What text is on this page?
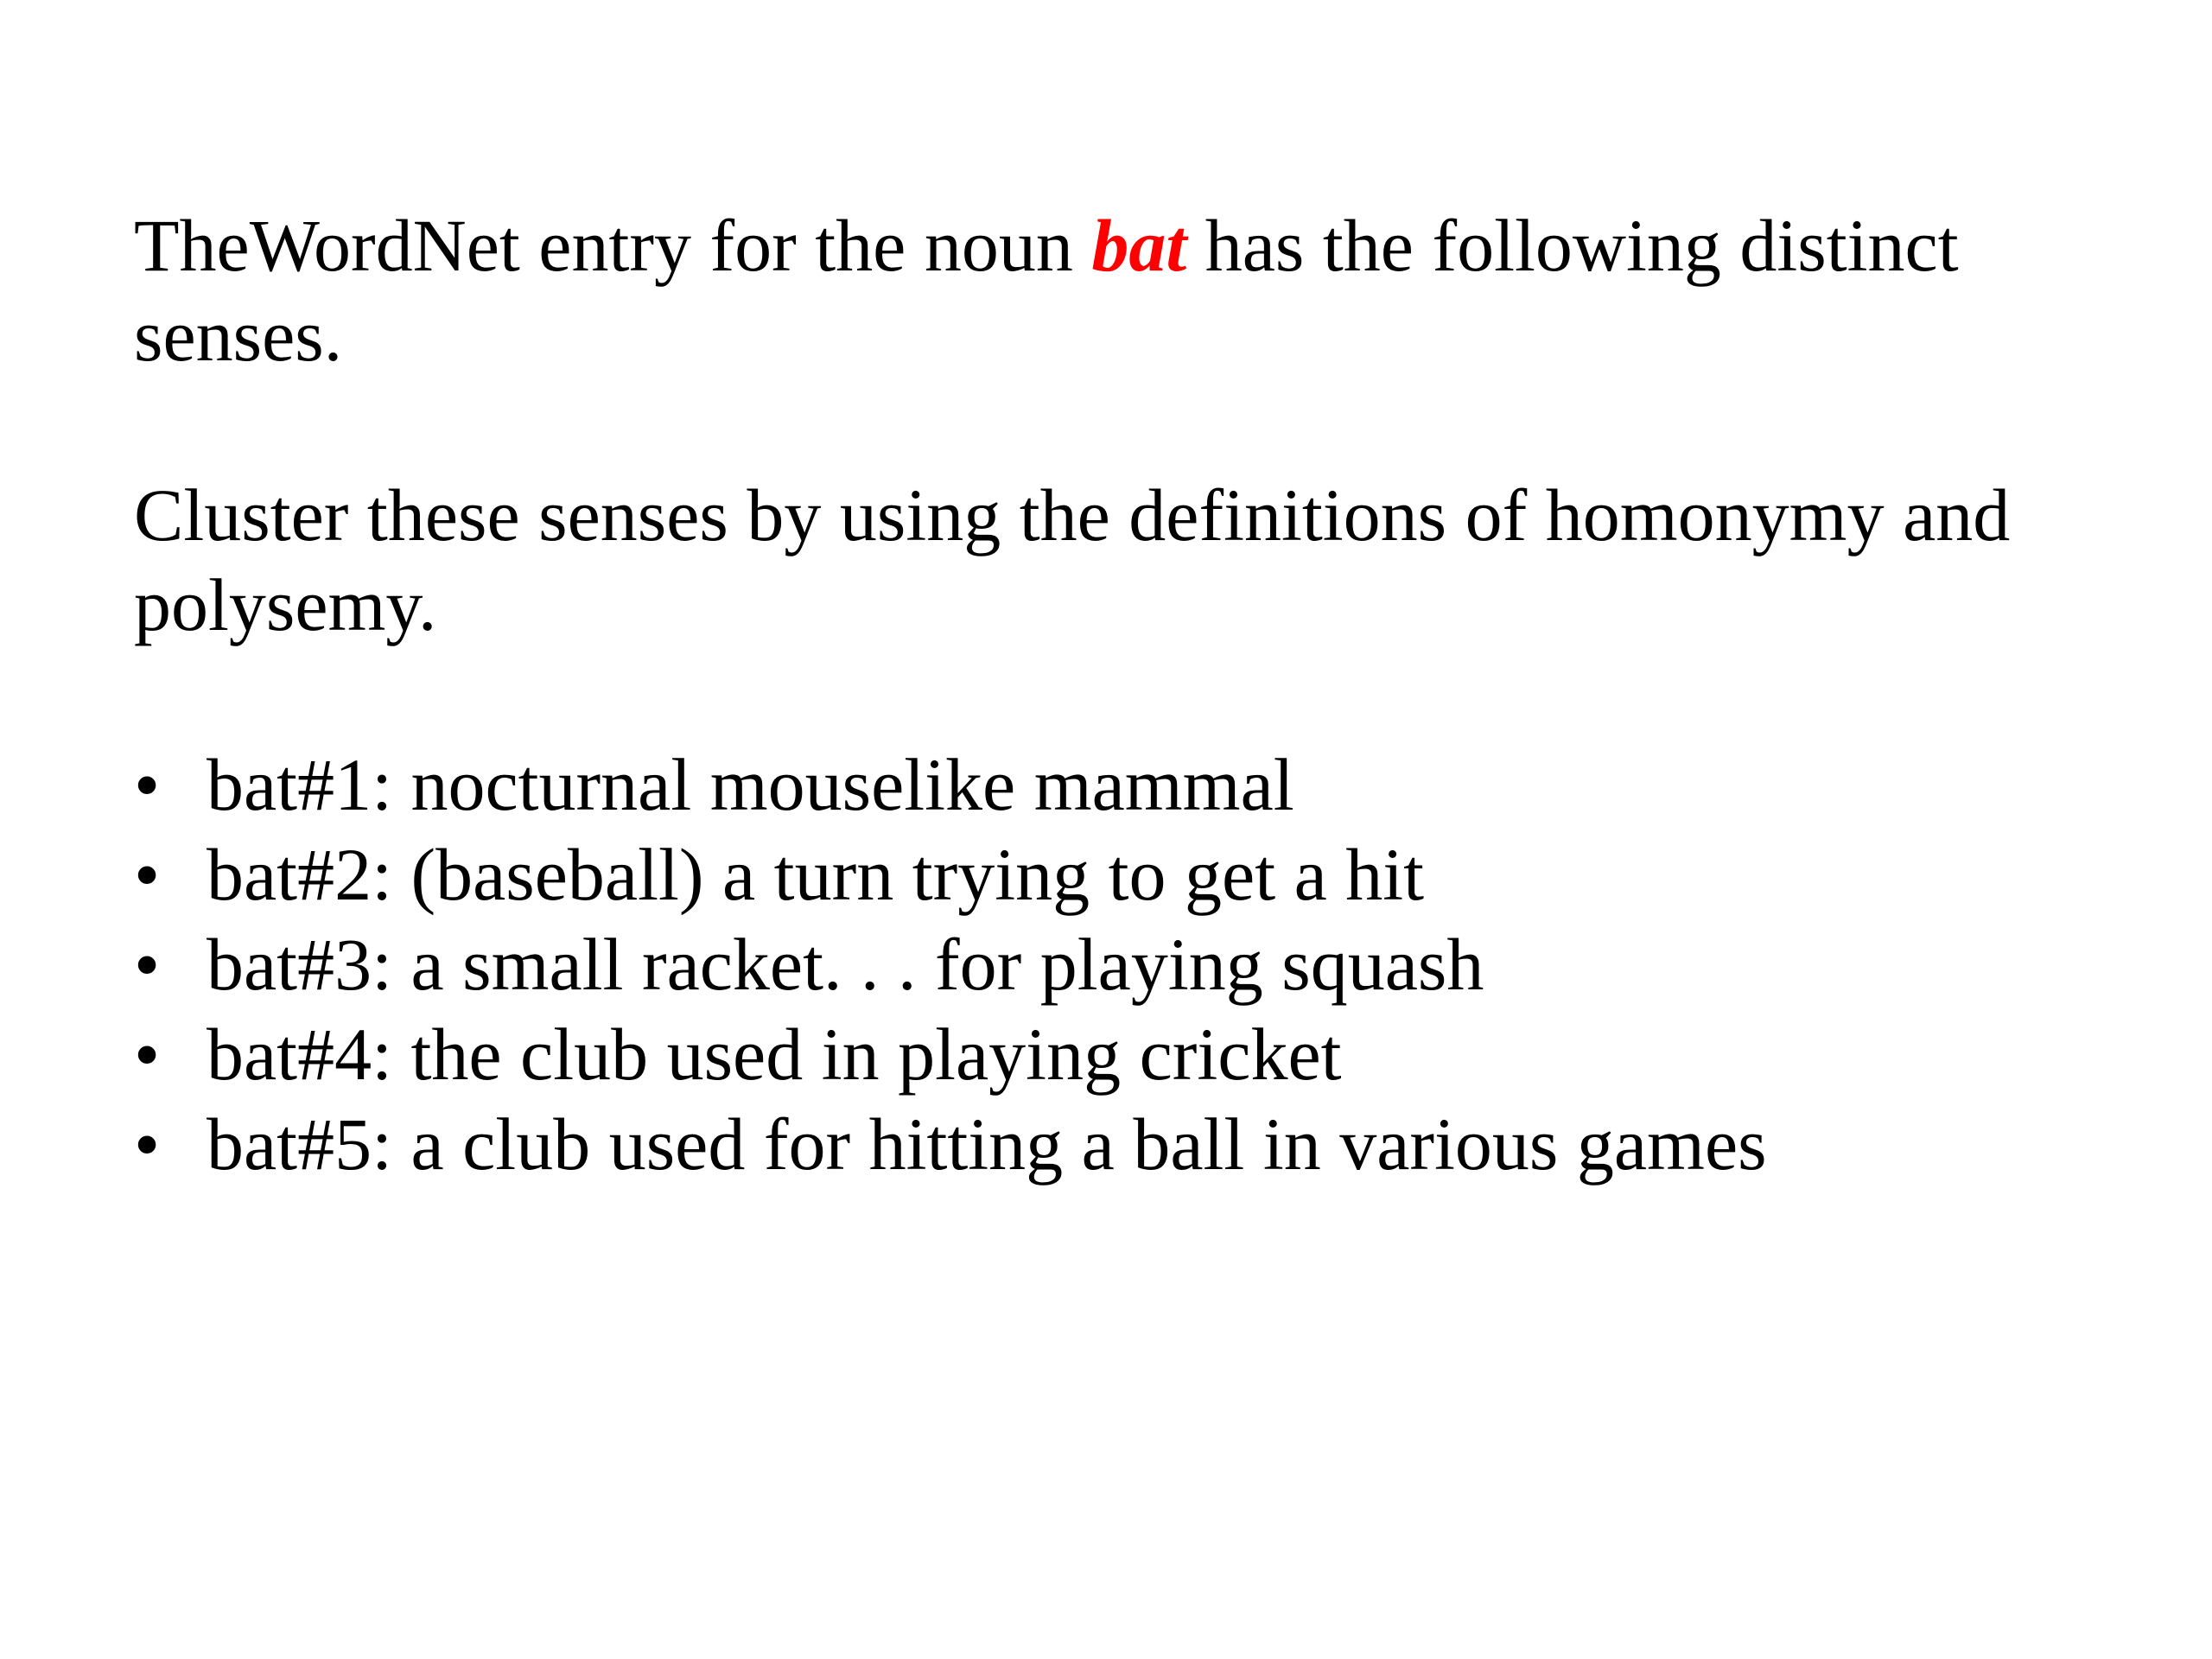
TheWordNet entry for the noun bat has the following distinct senses.

Cluster these senses by using the definitions of homonymy and polysemy.

• bat#1: nocturnal mouselike mammal
• bat#2: (baseball) a turn trying to get a hit
• bat#3: a small racket. . . for playing squash
• bat#4: the club used in playing cricket
• bat#5: a club used for hitting a ball in various games
